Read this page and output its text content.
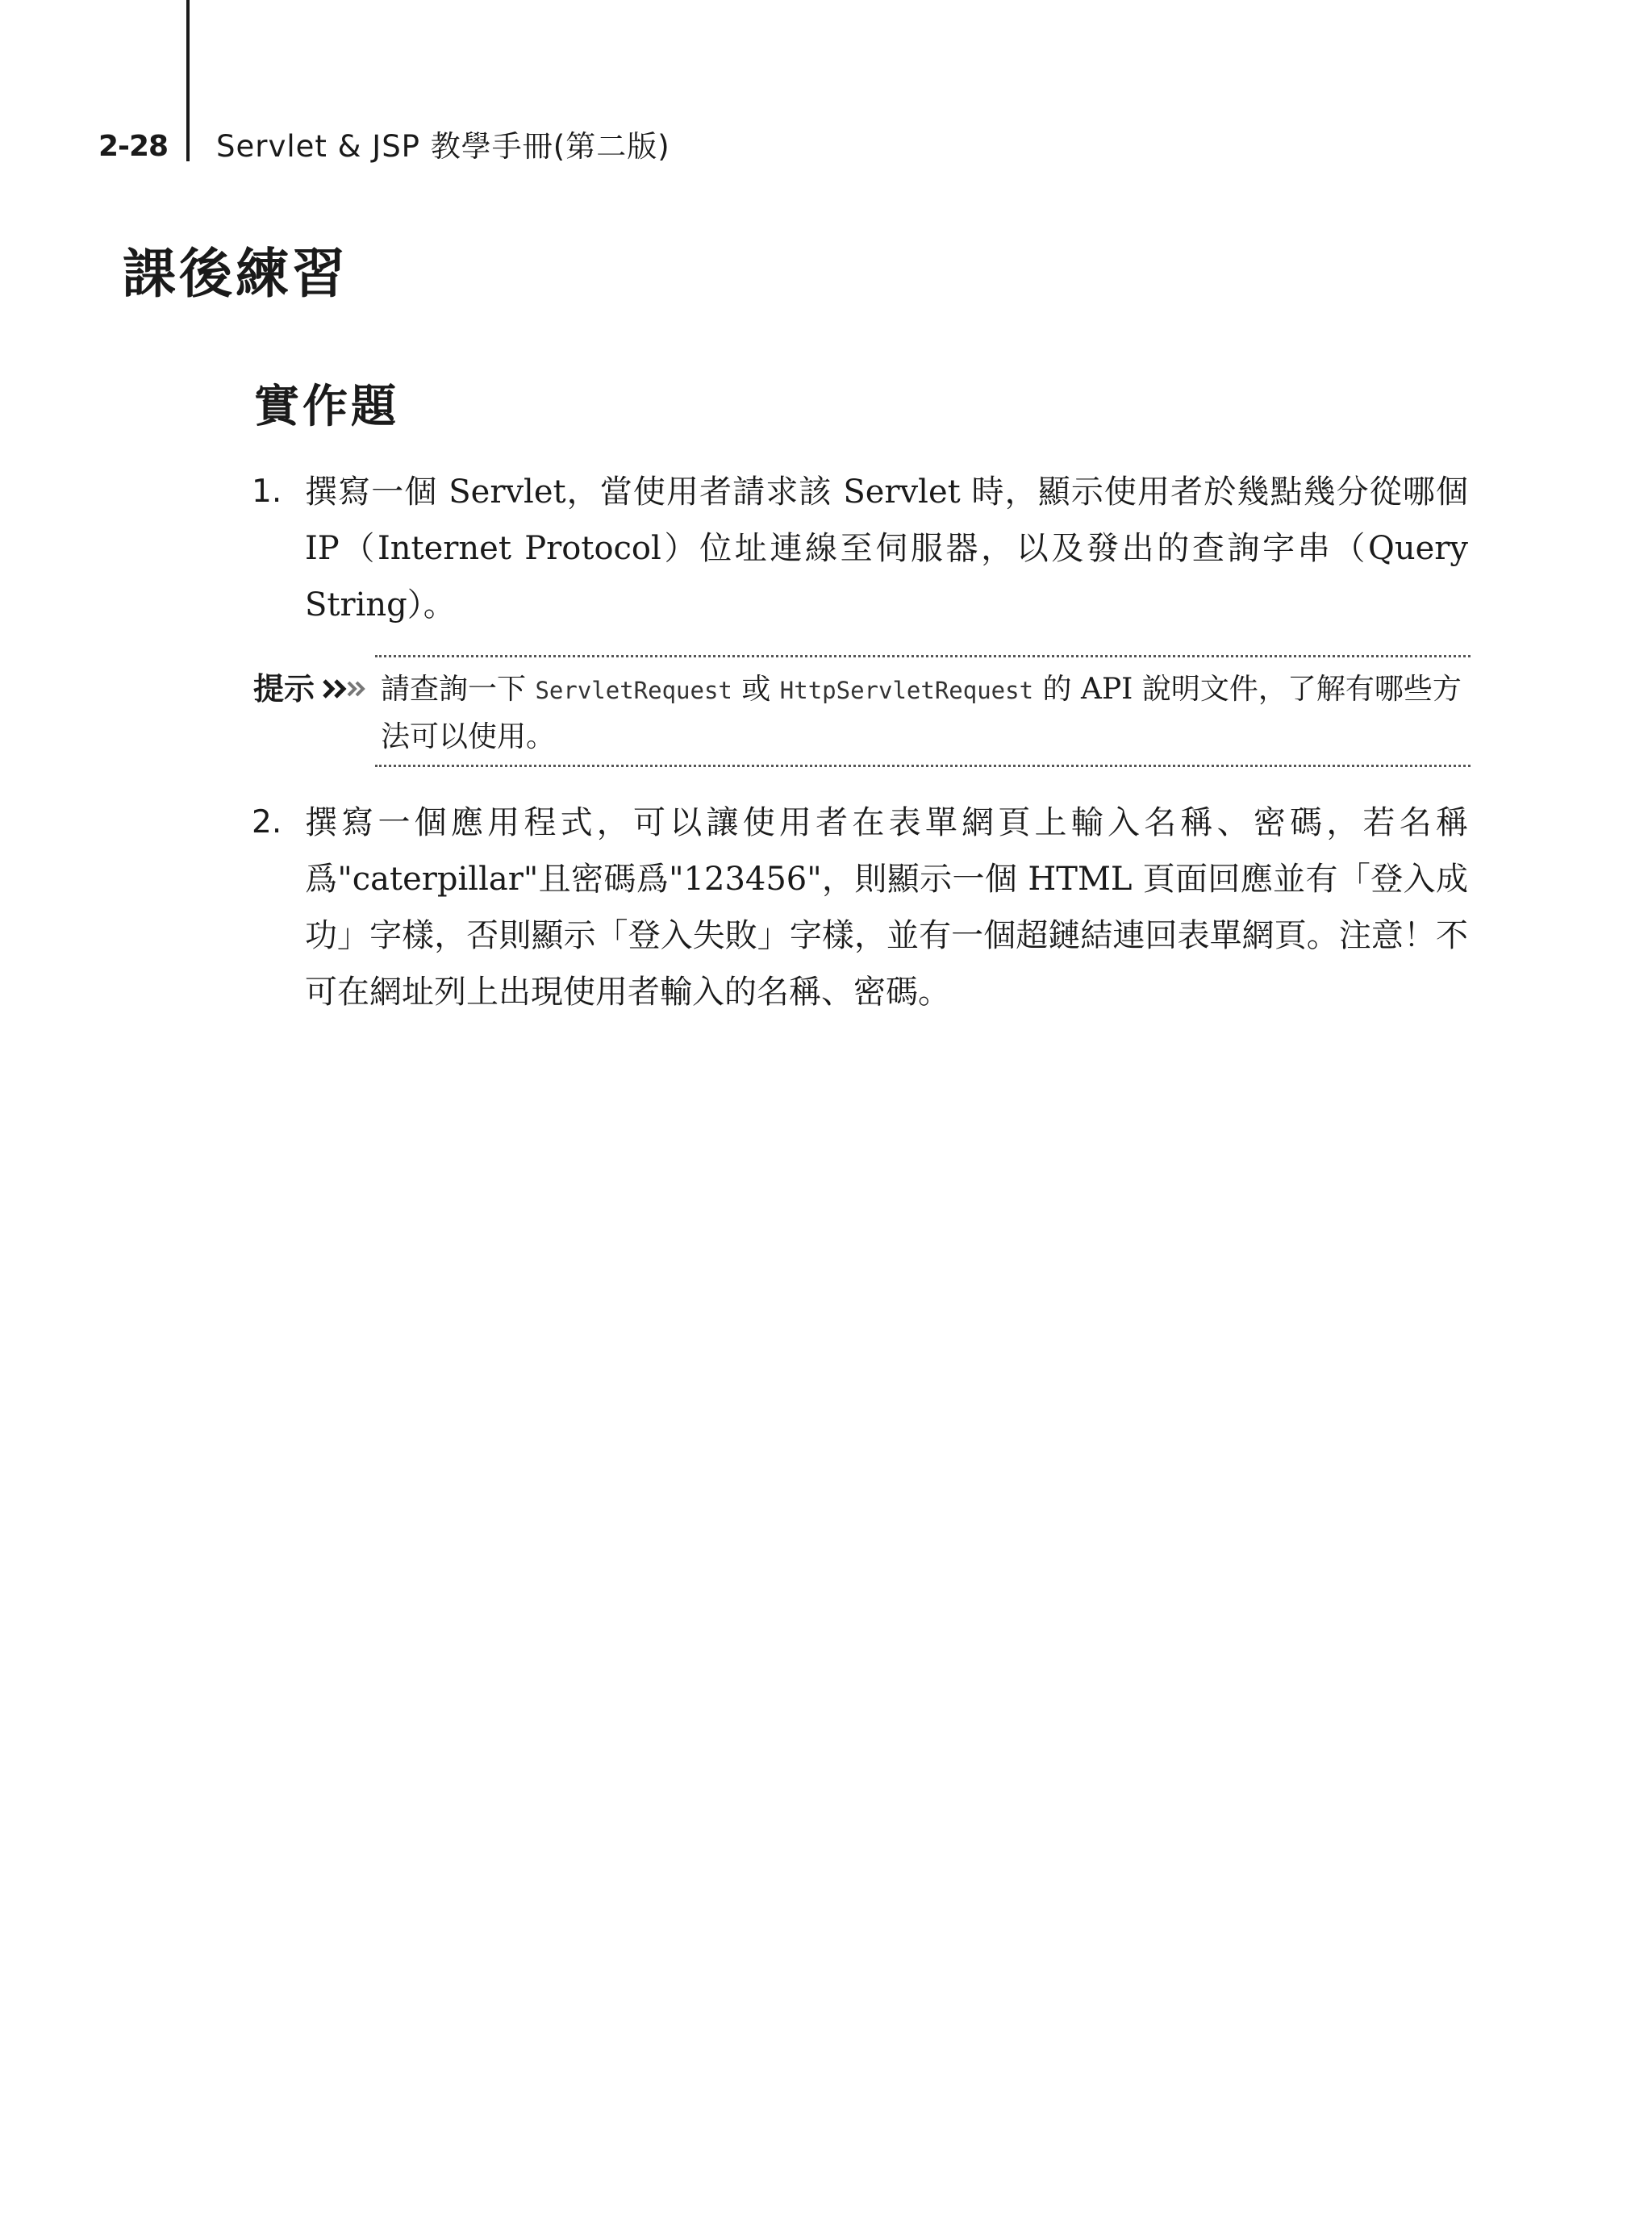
2-28 Servlet & JSP 教學手冊(第二版)
課後練習
實作題
1. 撰寫一個 Servlet，當使用者請求該 Servlet 時，顯示使用者於幾點幾分從哪個 IP（Internet Protocol）位址連線至伺服器，以及發出的查詢字串（Query String）。
提示 請查詢一下 ServletRequest 或 HttpServletRequest 的 API 說明文件，了解有哪些方法可以使用。
2. 撰寫一個應用程式，可以讓使用者在表單網頁上輸入名稱、密碼，若名稱爲"caterpillar"且密碼爲"123456"，則顯示一個 HTML 頁面回應並有「登入成功」字樣，否則顯示「登入失敗」字樣，並有一個超鏈結連回表單網頁。注意！不可在網址列上出現使用者輸入的名稱、密碼。
